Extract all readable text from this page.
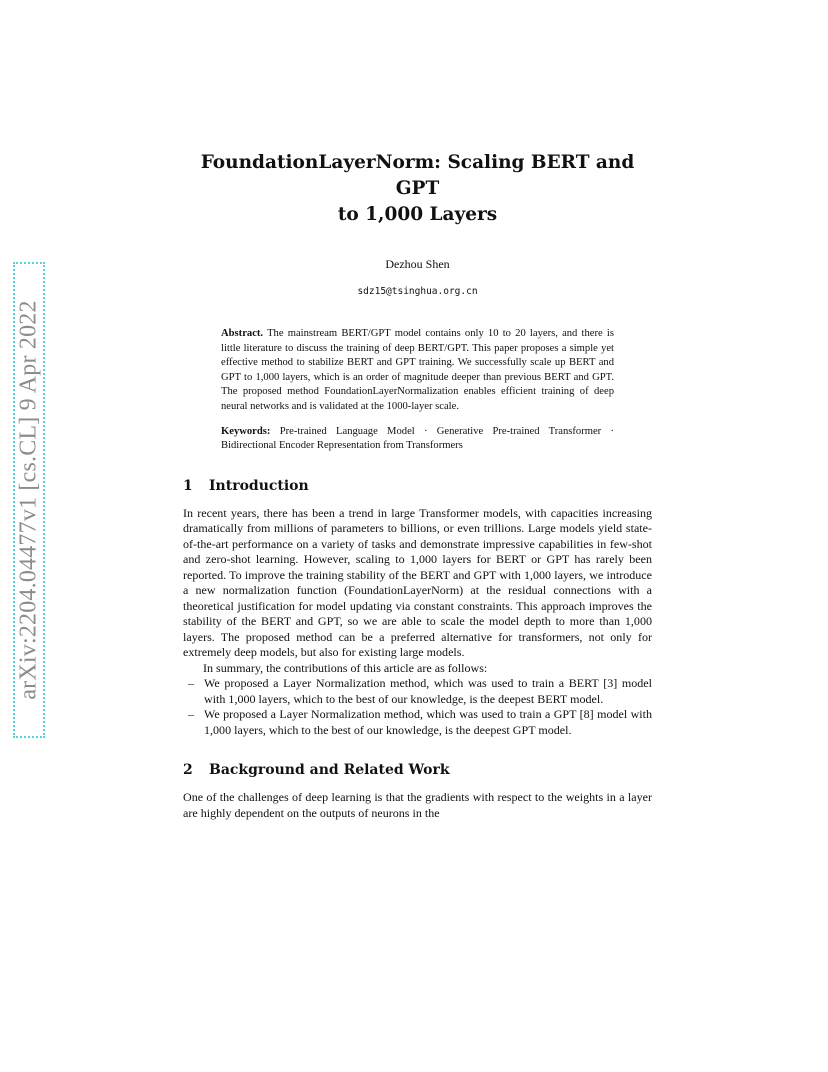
arXiv:2204.04477v1 [cs.CL] 9 Apr 2022
FoundationLayerNorm: Scaling BERT and GPT
to 1,000 Layers
Dezhou Shen
sdz15@tsinghua.org.cn
Abstract. The mainstream BERT/GPT model contains only 10 to 20 layers, and there is little literature to discuss the training of deep BERT/GPT. This paper proposes a simple yet effective method to stabilize BERT and GPT training. We successfully scale up BERT and GPT to 1,000 layers, which is an order of magnitude deeper than previous BERT and GPT. The proposed method FoundationLayerNormalization enables efficient training of deep neural networks and is validated at the 1000-layer scale.
Keywords: Pre-trained Language Model · Generative Pre-trained Transformer · Bidirectional Encoder Representation from Transformers
1	Introduction

In recent years, there has been a trend in large Transformer models, with capacities increasing dramatically from millions of parameters to billions, or even trillions. Large models yield state-of-the-art performance on a variety of tasks and demonstrate impressive capabilities in few-shot and zero-shot learning. However, scaling to 1,000 layers for BERT or GPT has rarely been reported. To improve the training stability of the BERT and GPT with 1,000 layers, we introduce a new normalization function (FoundationLayerNorm) at the residual connections with a theoretical justification for model updating via constant constraints. This approach improves the stability of the BERT and GPT, so we are able to scale the model depth to more than 1,000 layers. The proposed method can be a preferred alternative for transformers, not only for extremely deep models, but also for existing large models.

In summary, the contributions of this article are as follows:

– We proposed a Layer Normalization method, which was used to train a BERT [3] model with 1,000 layers, which to the best of our knowledge, is the deepest BERT model.
– We proposed a Layer Normalization method, which was used to train a GPT [8] model with 1,000 layers, which to the best of our knowledge, is the deepest GPT model.
2	Background and Related Work

One of the challenges of deep learning is that the gradients with respect to the weights in a layer are highly dependent on the outputs of neurons in the
